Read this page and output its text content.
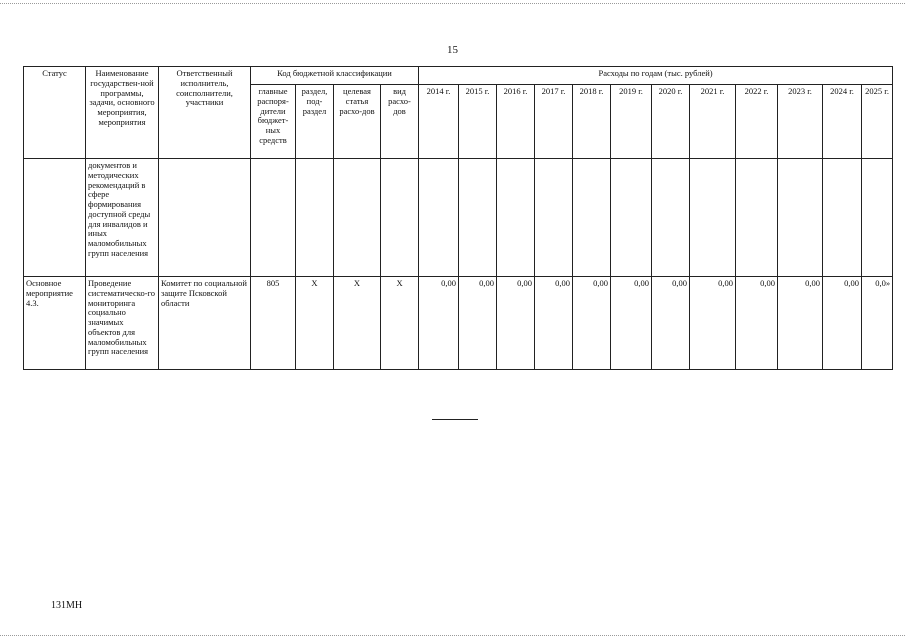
15
Статус	Наименование государствен-ной программы, задачи, основного мероприятия, мероприятия	Ответственный исполнитель, соисполнители, участники	Код бюджетной классификации				Расходы по годам (тыс. рублей)											
			главные распоря-дители бюджет-ных средств	раздел, под-раздел	целевая статья расхо-дов	вид расхо-дов	2014 г.	2015 г.	2016 г.	2017 г.	2018 г.	2019 г.	2020 г.	2021 г.	2022 г.	2023 г.	2024 г.	2025 г.
	документов и методических рекомендаций в сфере формирования доступной среды для инвалидов и иных маломобильных групп населения																	
Основное мероприятие 4.3.	Проведение систематическо-го мониторинга социально значимых объектов для маломобильных групп населения	Комитет по социальной защите Псковской области	805	Х	Х	Х	0,00	0,00	0,00	0,00	0,00	0,00	0,00	0,00	0,00	0,00	0,00	0,0»
131МН
